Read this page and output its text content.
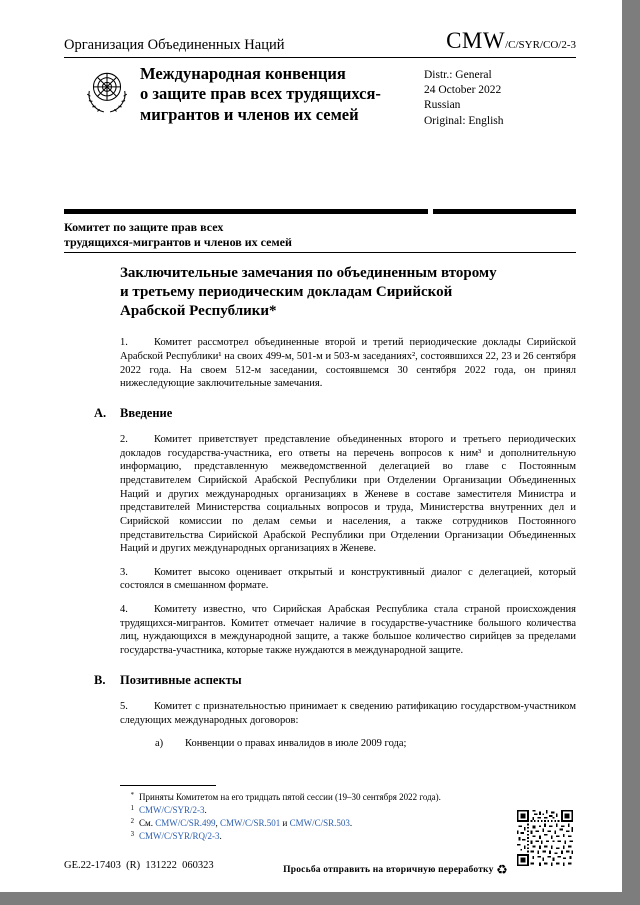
Организация Объединенных Наций	CMW/C/SYR/CO/2-3
Международная конвенция
о защите прав всех трудящихся-
мигрантов и членов их семей
Distr.: General
24 October 2022
Russian
Original: English
Комитет по защите прав всех
трудящихся-мигрантов и членов их семей
Заключительные замечания по объединенным второму
и третьему периодическим докладам Сирийской
Арабской Республики*

1. Комитет рассмотрел объединенные второй и третий периодические доклады Сирийской Арабской Республики¹ на своих 499-м, 501-м и 503-м заседаниях², состоявшихся 22, 23 и 26 сентября 2022 года. На своем 512-м заседании, состоявшемся 30 сентября 2022 года, он принял нижеследующие заключительные замечания.

A. Введение

2. Комитет приветствует представление объединенных второго и третьего периодических докладов государства-участника, его ответы на перечень вопросов к ним³ и дополнительную информацию, представленную межведомственной делегацией во главе с Постоянным представителем Сирийской Арабской Республики при Отделении Организации Объединенных Наций и других международных организациях в Женеве в составе заместителя Министра и представителей Министерства социальных вопросов и труда, Министерства внутренних дел и Сирийской комиссии по делам семьи и населения, а также сотрудников Постоянного представительства Сирийской Арабской Республики при Отделении Организации Объединенных Наций и других международных организациях в Женеве.

3. Комитет высоко оценивает открытый и конструктивный диалог с делегацией, который состоялся в смешанном формате.

4. Комитету известно, что Сирийская Арабская Республика стала страной происхождения трудящихся-мигрантов. Комитет отмечает наличие в государстве-участнике большого количества лиц, нуждающихся в международной защите, а также большое количество сирийцев за пределами государства-участника, которые также нуждаются в международной защите.

B. Позитивные аспекты

5. Комитет с признательностью принимает к сведению ратификацию государством-участником следующих международных договоров:

a) Конвенции о правах инвалидов в июле 2009 года;

* Приняты Комитетом на его тридцать пятой сессии (19–30 сентября 2022 года).
1 CMW/C/SYR/2-3.
2 См. CMW/C/SR.499, CMW/C/SR.501 и CMW/C/SR.503.
3 CMW/C/SYR/RQ/2-3.
GE.22-17403  (R)  131222  060323	Просьба отправить на вторичную переработку ♻
